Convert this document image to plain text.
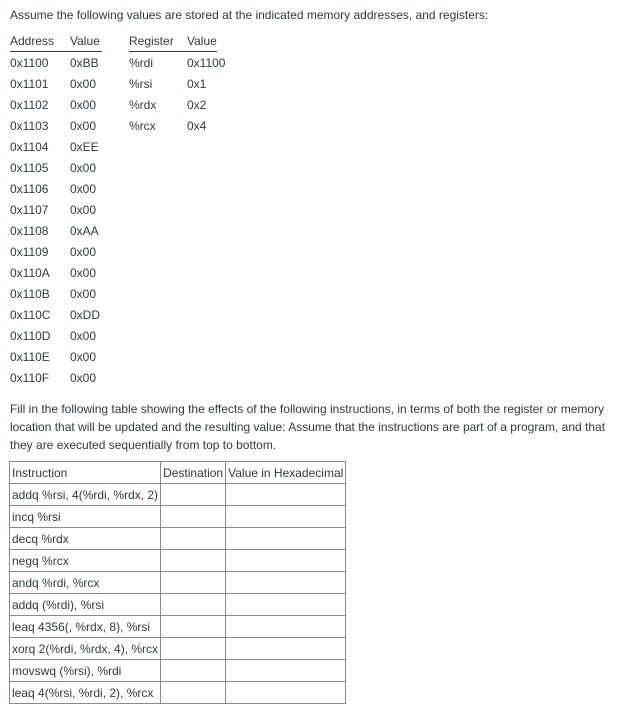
Assume the following values are stored at the indicated memory addresses, and registers:
Address Value
0x1100 0xBB
0x1101 0x00
0x1102 0x00
0x1103 0x00
0x1104 0xEE
0x1105 0x00
0x1106 0x00
0x1107 0x00
0x1108 0xAA
0x1109 0x00
0x110A 0x00
0x110B 0x00
0x110C 0xDD
0x110D 0x00
0x110E 0x00
0x110F 0x00
Register Value
%rdi	0x1100
%rsi	0x1
%rdx	0x2
%rcx	0x4
Fill in the following table showing the effects of the following instructions, in terms of both the register or memory location that will be updated and the resulting value: Assume that the instructions are part of a program, and that they are executed sequentially from top to bottom.
Instruction	Destination	Value in Hexadecimal
addq %rsi, 4(%rdi, %rdx, 2)		
incq %rsi		
decq %rdx		
negq %rcx		
andq %rdi, %rcx		
addq (%rdi), %rsi		
leaq 4356(, %rdx, 8), %rsi		
xorq 2(%rdi, %rdx, 4), %rcx		
movswq (%rsi), %rdi		
leaq 4(%rsi, %rdi, 2), %rcx		
